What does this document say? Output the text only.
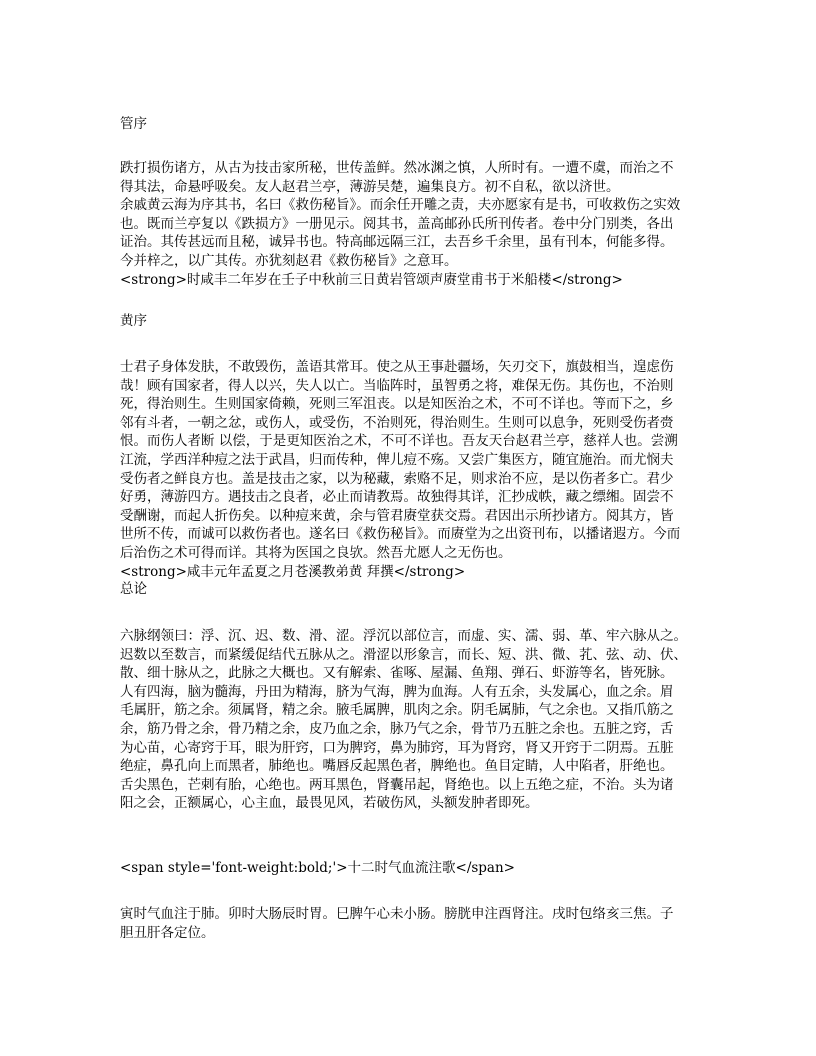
管序
跌打损伤诸方，从古为技击家所秘，世传盖鲜。然冰渊之慎，人所时有。一遭不虞，而治之不
得其法，命悬呼吸矣。友人赵君兰亭，薄游吴楚，遍集良方。初不自私，欲以济世。
余戚黄云海为序其书，名曰《救伤秘旨》。而余任开雕之责，夫亦愿家有是书，可收救伤之实效
也。既而兰亭复以《跌损方》一册见示。阅其书，盖高邮孙氏所刊传者。卷中分门别类，各出
证治。其传甚远而且秘，诚异书也。特高邮远隔三江，去吾乡千余里，虽有刊本，何能多得。
今并梓之，以广其传。亦犹刻赵君《救伤秘旨》之意耳。
<strong>时咸丰二年岁在壬子中秋前三日黄岩管颂声赓堂甫书于米船楼</strong>
黄序
士君子身体发肤，不敢毁伤，盖语其常耳。使之从王事赴疆场，矢刃交下，旗鼓相当，遑虑伤
哉！顾有国家者，得人以兴，失人以亡。当临阵时，虽智勇之将，难保无伤。其伤也，不治则
死，得治则生。生则国家倚赖，死则三军沮丧。以是知医治之术，不可不详也。等而下之，乡
邻有斗者，一朝之忿，或伤人，或受伤，不治则死，得治则生。生则可以息争，死则受伤者赍
恨。而伤人者断 以偿，于是更知医治之术，不可不详也。吾友天台赵君兰亭，慈祥人也。尝溯
江流，学西洋种痘之法于武昌，归而传种，俾儿痘不殇。又尝广集医方，随宜施治。而尤悯夫
受伤者之鲜良方也。盖是技击之家，以为秘藏，索赂不足，则求治不应，是以伤者多亡。君少
好勇，薄游四方。遇技击之良者，必止而请教焉。故独得其详，汇抄成帙，藏之缥缃。固尝不
受酬谢，而起人折伤矣。以种痘来黄，余与管君赓堂获交焉。君因出示所抄诸方。阅其方，皆
世所不传，而诚可以救伤者也。遂名曰《救伤秘旨》。而赓堂为之出资刊布，以播诸遐方。今而
后治伤之术可得而详。其将为医国之良欤。然吾尤愿人之无伤也。
<strong>咸丰元年孟夏之月苍溪教弟黄 拜撰</strong>
总论
六脉纲领曰：浮、沉、迟、数、滑、涩。浮沉以部位言，而虚、实、濡、弱、革、牢六脉从之。
迟数以至数言，而紧缓促结代五脉从之。滑涩以形象言，而长、短、洪、微、芤、弦、动、伏、
散、细十脉从之，此脉之大概也。又有解索、雀啄、屋漏、鱼翔、弹石、虾游等名，皆死脉。
人有四海，脑为髓海，丹田为精海，脐为气海，脾为血海。人有五余，头发属心，血之余。眉
毛属肝，筋之余。须属肾，精之余。腋毛属脾，肌肉之余。阴毛属肺，气之余也。又指爪筋之
余，筋乃骨之余，骨乃精之余，皮乃血之余，脉乃气之余，骨节乃五脏之余也。五脏之窍，舌
为心苗，心寄窍于耳，眼为肝窍，口为脾窍，鼻为肺窍，耳为肾窍，肾又开窍于二阴焉。五脏
绝症，鼻孔向上而黑者，肺绝也。嘴唇反起黑色者，脾绝也。鱼目定睛，人中陷者，肝绝也。
舌尖黑色，芒刺有胎，心绝也。两耳黑色，肾囊吊起，肾绝也。以上五绝之症，不治。头为诸
阳之会，正额属心，心主血，最畏见风，若破伤风，头额发肿者即死。
<span style='font-weight:bold;'>十二时气血流注歌</span>
寅时气血注于肺。卯时大肠辰时胃。巳脾午心未小肠。膀胱申注酉肾注。戌时包络亥三焦。子
胆丑肝各定位。
